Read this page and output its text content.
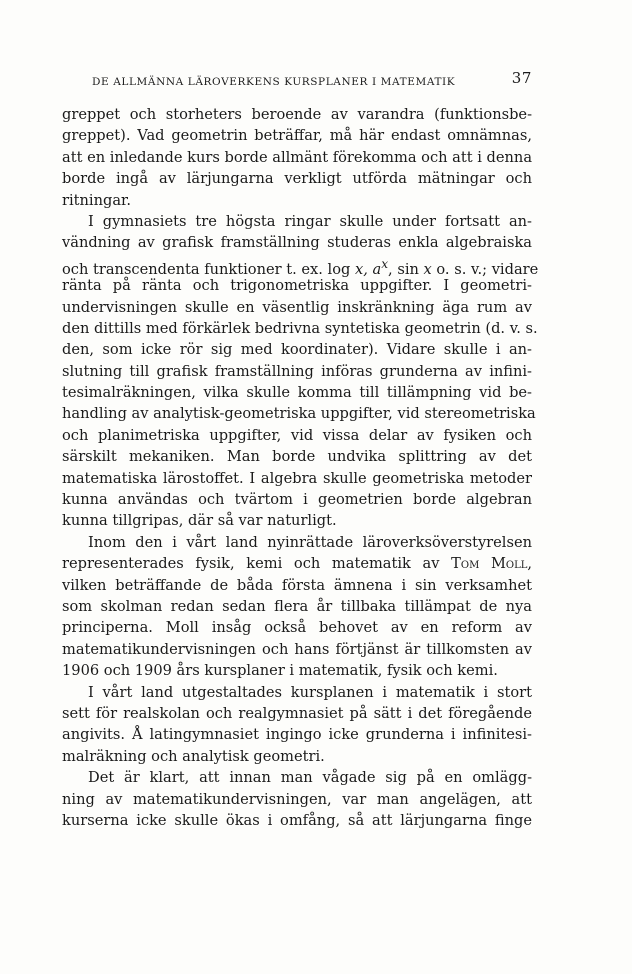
DE ALLMÄNNA LÄROVERKENS KURSPLANER I MATEMATIK	37
greppet och storheters beroende av varandra (funktionsbe-
greppet). Vad geometrin beträffar, må här endast omnämnas,
att en inledande kurs borde allmänt förekomma och att i denna
borde ingå av lärjungarna verkligt utförda mätningar och
ritningar.
I gymnasiets tre högsta ringar skulle under fortsatt an-
vändning av grafisk framställning studeras enkla algebraiska
och transcendenta funktioner t. ex. log x, $a^x$, sin x o. s. v.; vidare
ränta på ränta och trigonometriska uppgifter. I geometri-
undervisningen skulle en väsentlig inskränkning äga rum av
den dittills med förkärlek bedrivna syntetiska geometrin (d. v. s.
den, som icke rör sig med koordinater). Vidare skulle i an-
slutning till grafisk framställning införas grunderna av infini-
tesimalräkningen, vilka skulle komma till tillämpning vid be-
handling av analytisk-geometriska uppgifter, vid stereometriska
och planimetriska uppgifter, vid vissa delar av fysiken och
särskilt mekaniken. Man borde undvika splittring av det
matematiska lärostoffet. I algebra skulle geometriska metoder
kunna användas och tvärtom i geometrien borde algebran
kunna tillgripas, där så var naturligt.
Inom den i vårt land nyinrättade läroverksöverstyrelsen
representerades fysik, kemi och matematik av Tom Moll,
vilken beträffande de båda första ämnena i sin verksamhet
som skolman redan sedan flera år tillbaka tillämpat de nya
principerna. Moll insåg också behovet av en reform av
matematikundervisningen och hans förtjänst är tillkomsten av
1906 och 1909 års kursplaner i matematik, fysik och kemi.
I vårt land utgestaltades kursplanen i matematik i stort
sett för realskolan och realgymnasiet på sätt i det föregående
angivits. Å latingymnasiet ingingo icke grunderna i infinitesi-
malräkning och analytisk geometri.
Det är klart, att innan man vågade sig på en omlägg-
ning av matematikundervisningen, var man angelägen, att
kurserna icke skulle ökas i omfång, så att lärjungarna finge
